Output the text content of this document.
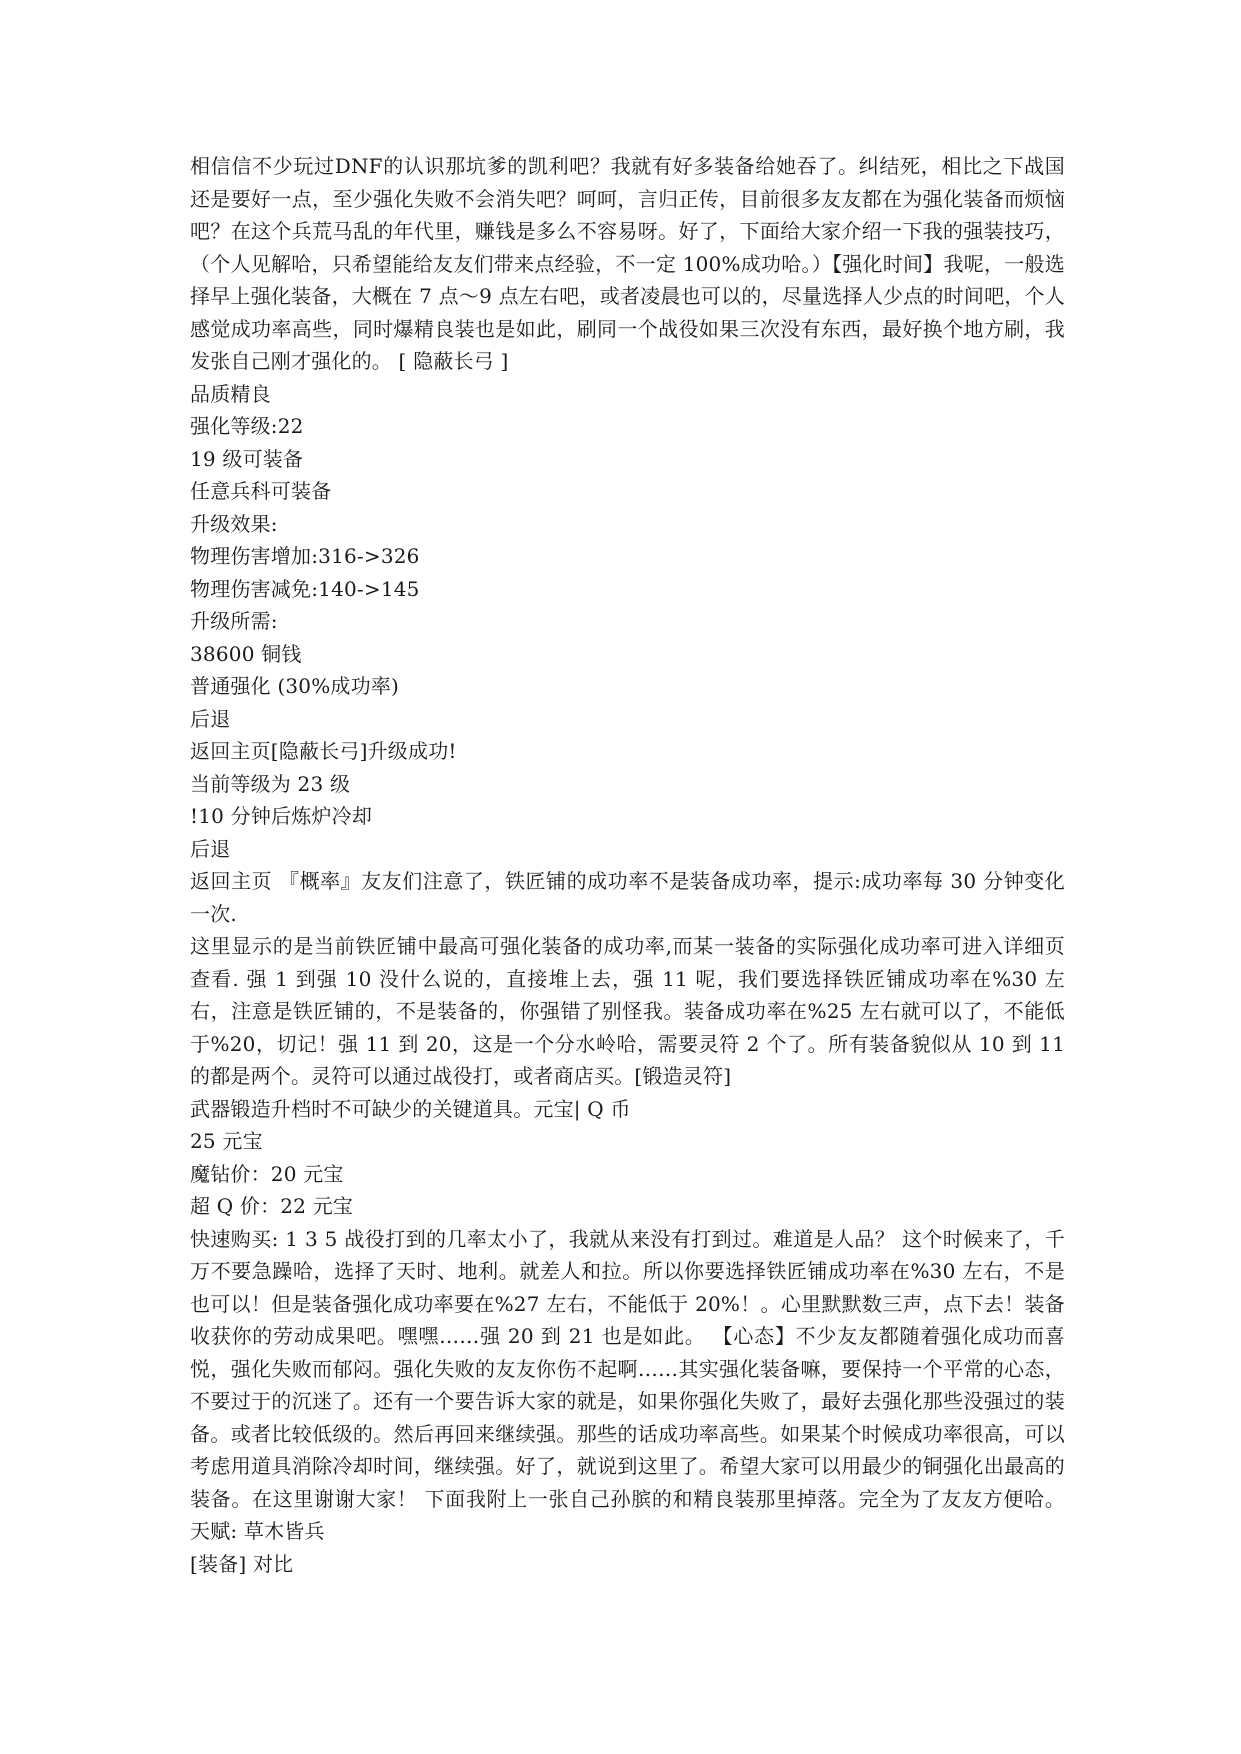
相信信不少玩过DNF的认识那坑爹的凯利吧？我就有好多装备给她吞了。纠结死，相比之下战国还是要好一点，至少强化失败不会消失吧？呵呵，言归正传，目前很多友友都在为强化装备而烦恼吧？在这个兵荒马乱的年代里，赚钱是多么不容易呀。好了，下面给大家介绍一下我的强装技巧，（个人见解哈，只希望能给友友们带来点经验，不一定 100%成功哈。）【强化时间】我呢，一般选择早上强化装备，大概在 7 点～9 点左右吧，或者凌晨也可以的，尽量选择人少点的时间吧，个人感觉成功率高些，同时爆精良装也是如此，刷同一个战役如果三次没有东西，最好换个地方刷，我发张自己刚才强化的。 [ 隐蔽长弓 ]

品质精良
强化等级:22
19 级可装备
任意兵科可装备
升级效果:
物理伤害增加:316->326
物理伤害减免:140->145
升级所需:
38600 铜钱
普通强化 (30%成功率)
后退
返回主页[隐蔽长弓]升级成功!
当前等级为 23 级
!10 分钟后炼炉冷却
后退

返回主页 『概率』友友们注意了，铁匠铺的成功率不是装备成功率，提示:成功率每 30 分钟变化一次.

这里显示的是当前铁匠铺中最高可强化装备的成功率,而某一装备的实际强化成功率可进入详细页查看. 强 1 到强 10 没什么说的，直接堆上去，强 11 呢，我们要选择铁匠铺成功率在%30 左右，注意是铁匠铺的，不是装备的，你强错了别怪我。装备成功率在%25 左右就可以了，不能低于%20，切记！强 11 到 20，这是一个分水岭哈，需要灵符 2 个了。所有装备貌似从 10 到 11 的都是两个。灵符可以通过战役打，或者商店买。[锻造灵符]

武器锻造升档时不可缺少的关键道具。元宝| Q 币
25 元宝
魔钻价：20 元宝
超 Q 价：22 元宝

快速购买: 1 3 5 战役打到的几率太小了，我就从来没有打到过。难道是人品？ 这个时候来了，千万不要急躁哈，选择了天时、地利。就差人和拉。所以你要选择铁匠铺成功率在%30 左右，不是也可以！但是装备强化成功率要在%27 左右，不能低于 20%！。心里默默数三声，点下去！装备收获你的劳动成果吧。嘿嘿……强 20 到 21 也是如此。 【心态】不少友友都随着强化成功而喜悦，强化失败而郁闷。强化失败的友友你伤不起啊……其实强化装备嘛，要保持一个平常的心态，不要过于的沉迷了。还有一个要告诉大家的就是，如果你强化失败了，最好去强化那些没强过的装备。或者比较低级的。然后再回来继续强。那些的话成功率高些。如果某个时候成功率很高，可以考虑用道具消除冷却时间，继续强。好了，就说到这里了。希望大家可以用最少的铜强化出最高的装备。在这里谢谢大家！ 下面我附上一张自己孙膑的和精良装那里掉落。完全为了友友方便哈。 天赋: 草木皆兵

[装备] 对比
